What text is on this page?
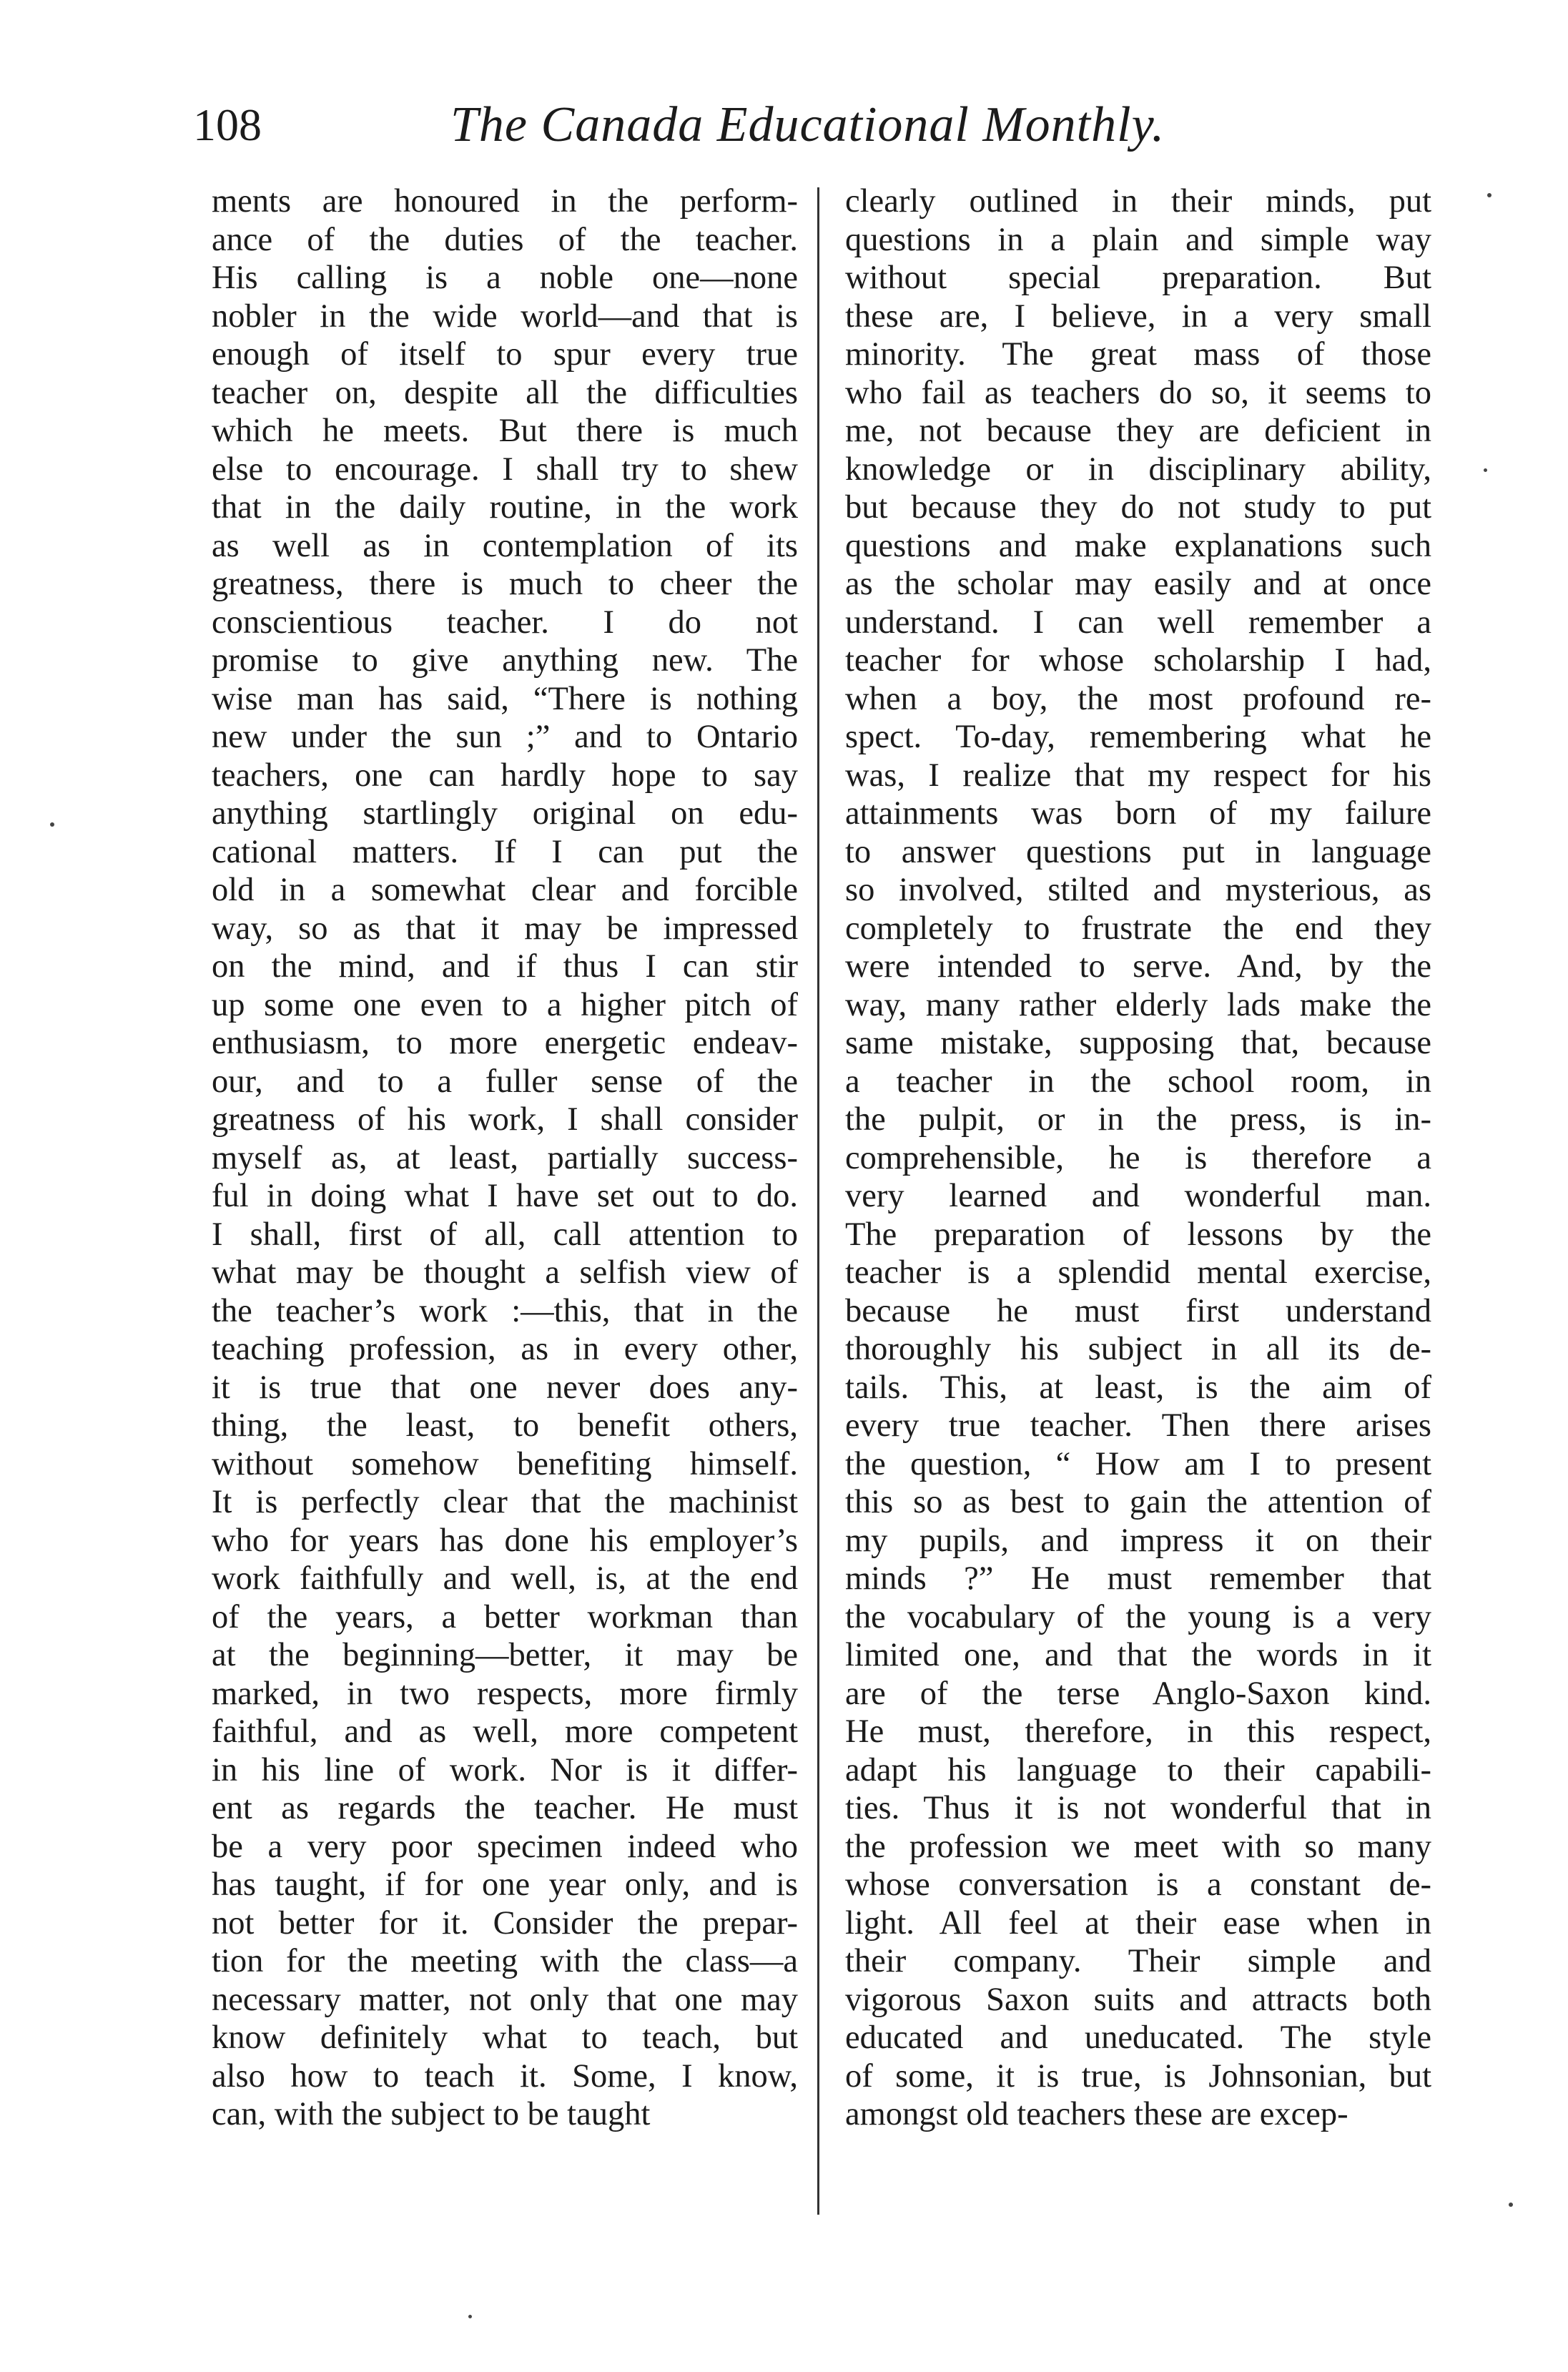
108	The Canada Educational Monthly.
ments are honoured in the perform-
ance of the duties of the teacher.
His calling is a noble one—none
nobler in the wide world—and that is
enough of itself to spur every true
teacher on, despite all the difficulties
which he meets. But there is much
else to encourage. I shall try to shew
that in the daily routine, in the work
as well as in contemplation of its
greatness, there is much to cheer the
conscientious teacher. I do not
promise to give anything new. The
wise man has said, “There is nothing
new under the sun ;” and to Ontario
teachers, one can hardly hope to say
anything startlingly original on edu-
cational matters. If I can put the
old in a somewhat clear and forcible
way, so as that it may be impressed
on the mind, and if thus I can stir
up some one even to a higher pitch of
enthusiasm, to more energetic endeav-
our, and to a fuller sense of the
greatness of his work, I shall consider
myself as, at least, partially success-
ful in doing what I have set out to do.
I shall, first of all, call attention to
what may be thought a selfish view of
the teacher’s work :—this, that in the
teaching profession, as in every other,
it is true that one never does any-
thing, the least, to benefit others,
without somehow benefiting himself.
It is perfectly clear that the machinist
who for years has done his employer’s
work faithfully and well, is, at the end
of the years, a better workman than
at the beginning—better, it may be
marked, in two respects, more firmly
faithful, and as well, more competent
in his line of work. Nor is it differ-
ent as regards the teacher. He must
be a very poor specimen indeed who
has taught, if for one year only, and is
not better for it. Consider the prepar-
tion for the meeting with the class—a
necessary matter, not only that one may
know definitely what to teach, but
also how to teach it. Some, I know,
can, with the subject to be taught
clearly outlined in their minds, put
questions in a plain and simple way
without special preparation. But
these are, I believe, in a very small
minority. The great mass of those
who fail as teachers do so, it seems to
me, not because they are deficient in
knowledge or in disciplinary ability,
but because they do not study to put
questions and make explanations such
as the scholar may easily and at once
understand. I can well remember a
teacher for whose scholarship I had,
when a boy, the most profound re-
spect. To-day, remembering what he
was, I realize that my respect for his
attainments was born of my failure
to answer questions put in language
so involved, stilted and mysterious, as
completely to frustrate the end they
were intended to serve. And, by the
way, many rather elderly lads make the
same mistake, supposing that, because
a teacher in the school room, in
the pulpit, or in the press, is in-
comprehensible, he is therefore a
very learned and wonderful man.
The preparation of lessons by the
teacher is a splendid mental exercise,
because he must first understand
thoroughly his subject in all its de-
tails. This, at least, is the aim of
every true teacher. Then there arises
the question, “ How am I to present
this so as best to gain the attention of
my pupils, and impress it on their
minds ?” He must remember that
the vocabulary of the young is a very
limited one, and that the words in it
are of the terse Anglo-Saxon kind.
He must, therefore, in this respect,
adapt his language to their capabili-
ties. Thus it is not wonderful that in
the profession we meet with so many
whose conversation is a constant de-
light. All feel at their ease when in
their company. Their simple and
vigorous Saxon suits and attracts both
educated and uneducated. The style
of some, it is true, is Johnsonian, but
amongst old teachers these are excep-
